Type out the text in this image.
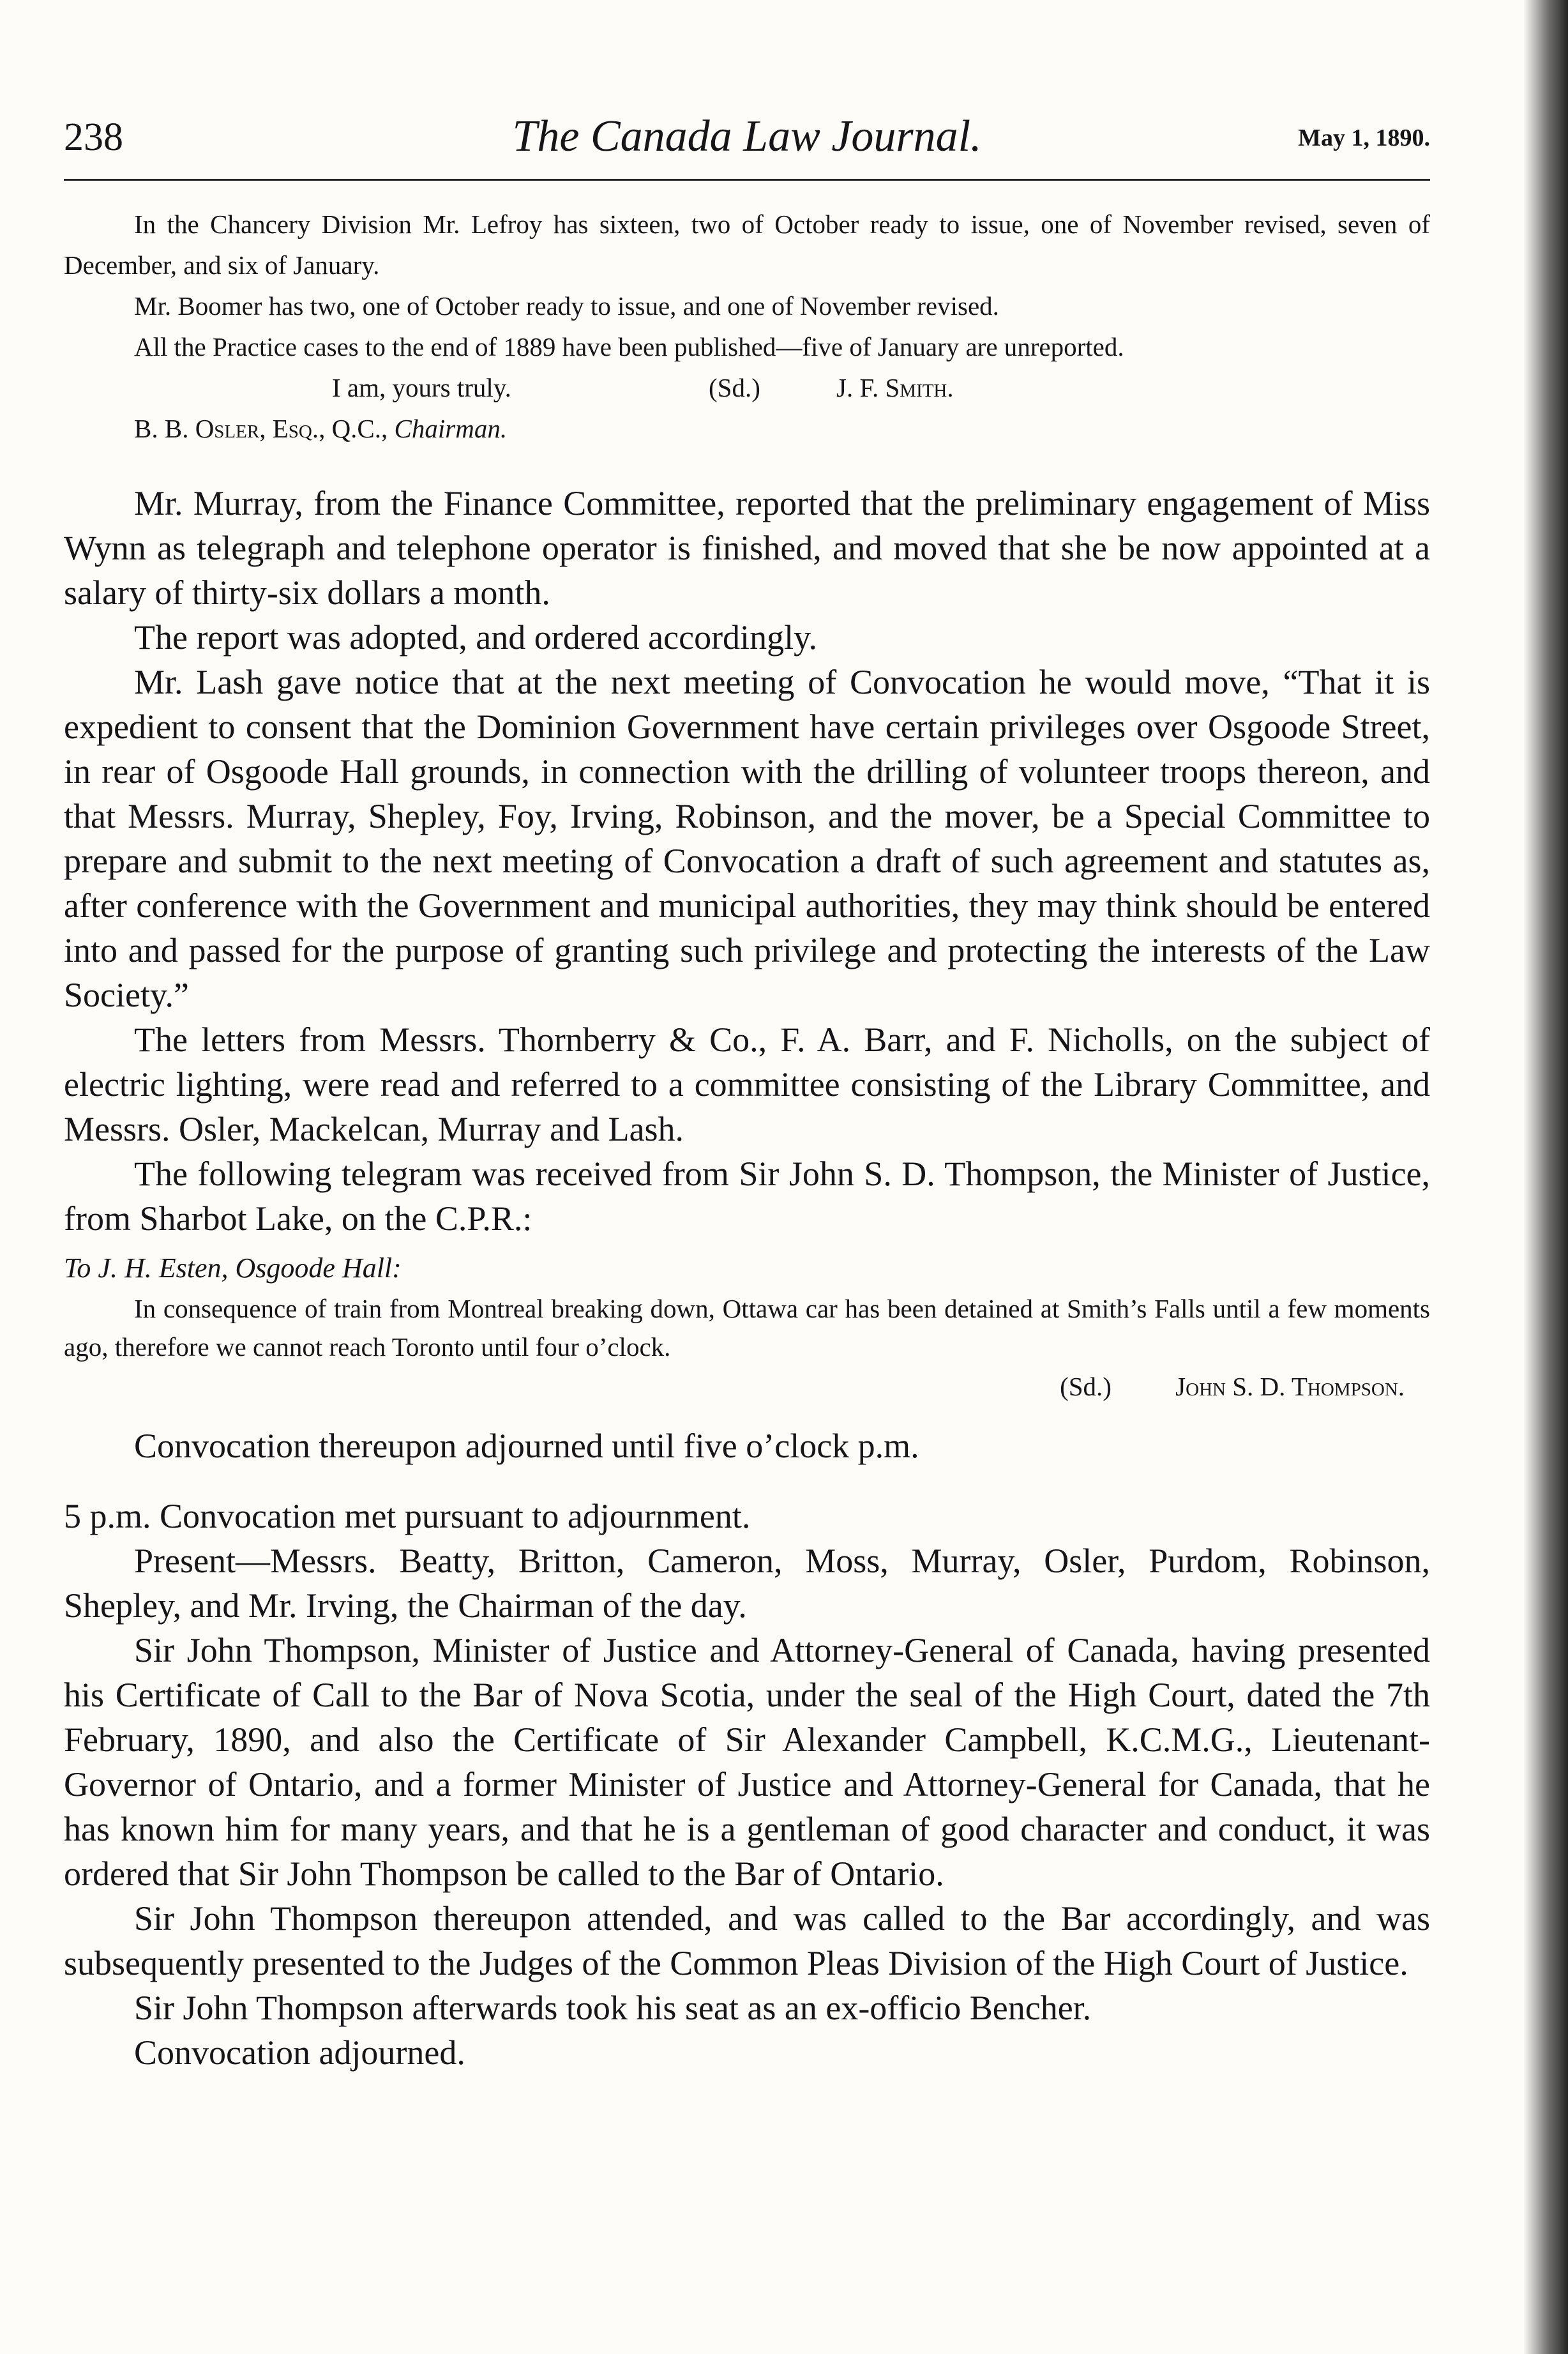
238	The Canada Law Journal.	May 1, 1890.

In the Chancery Division Mr. Lefroy has sixteen, two of October ready to issue, one of November revised, seven of December, and six of January.

Mr. Boomer has two, one of October ready to issue, and one of November revised.

All the Practice cases to the end of 1889 have been published—five of January are unreported.

I am, yours truly.	(Sd.)	J. F. Smith.

B. B. Osler, Esq., Q.C., Chairman.

Mr. Murray, from the Finance Committee, reported that the preliminary engagement of Miss Wynn as telegraph and telephone operator is finished, and moved that she be now appointed at a salary of thirty-six dollars a month.

The report was adopted, and ordered accordingly.

Mr. Lash gave notice that at the next meeting of Convocation he would move, “That it is expedient to consent that the Dominion Government have certain privileges over Osgoode Street, in rear of Osgoode Hall grounds, in connection with the drilling of volunteer troops thereon, and that Messrs. Murray, Shepley, Foy, Irving, Robinson, and the mover, be a Special Committee to prepare and submit to the next meeting of Convocation a draft of such agreement and statutes as, after conference with the Government and municipal authorities, they may think should be entered into and passed for the purpose of granting such privilege and protecting the interests of the Law Society.”

The letters from Messrs. Thornberry & Co., F. A. Barr, and F. Nicholls, on the subject of electric lighting, were read and referred to a committee consisting of the Library Committee, and Messrs. Osler, Mackelcan, Murray and Lash.

The following telegram was received from Sir John S. D. Thompson, the Minister of Justice, from Sharbot Lake, on the C.P.R.:

To J. H. Esten, Osgoode Hall:

In consequence of train from Montreal breaking down, Ottawa car has been detained at Smith’s Falls until a few moments ago, therefore we cannot reach Toronto until four o’clock.

(Sd.) John S. D. Thompson.

Convocation thereupon adjourned until five o’clock p.m.

5 p.m. Convocation met pursuant to adjournment.

Present—Messrs. Beatty, Britton, Cameron, Moss, Murray, Osler, Purdom, Robinson, Shepley, and Mr. Irving, the Chairman of the day.

Sir John Thompson, Minister of Justice and Attorney-General of Canada, having presented his Certificate of Call to the Bar of Nova Scotia, under the seal of the High Court, dated the 7th February, 1890, and also the Certificate of Sir Alexander Campbell, K.C.M.G., Lieutenant-Governor of Ontario, and a former Minister of Justice and Attorney-General for Canada, that he has known him for many years, and that he is a gentleman of good character and conduct, it was ordered that Sir John Thompson be called to the Bar of Ontario.

Sir John Thompson thereupon attended, and was called to the Bar accordingly, and was subsequently presented to the Judges of the Common Pleas Division of the High Court of Justice.

Sir John Thompson afterwards took his seat as an ex-officio Bencher.

Convocation adjourned.
